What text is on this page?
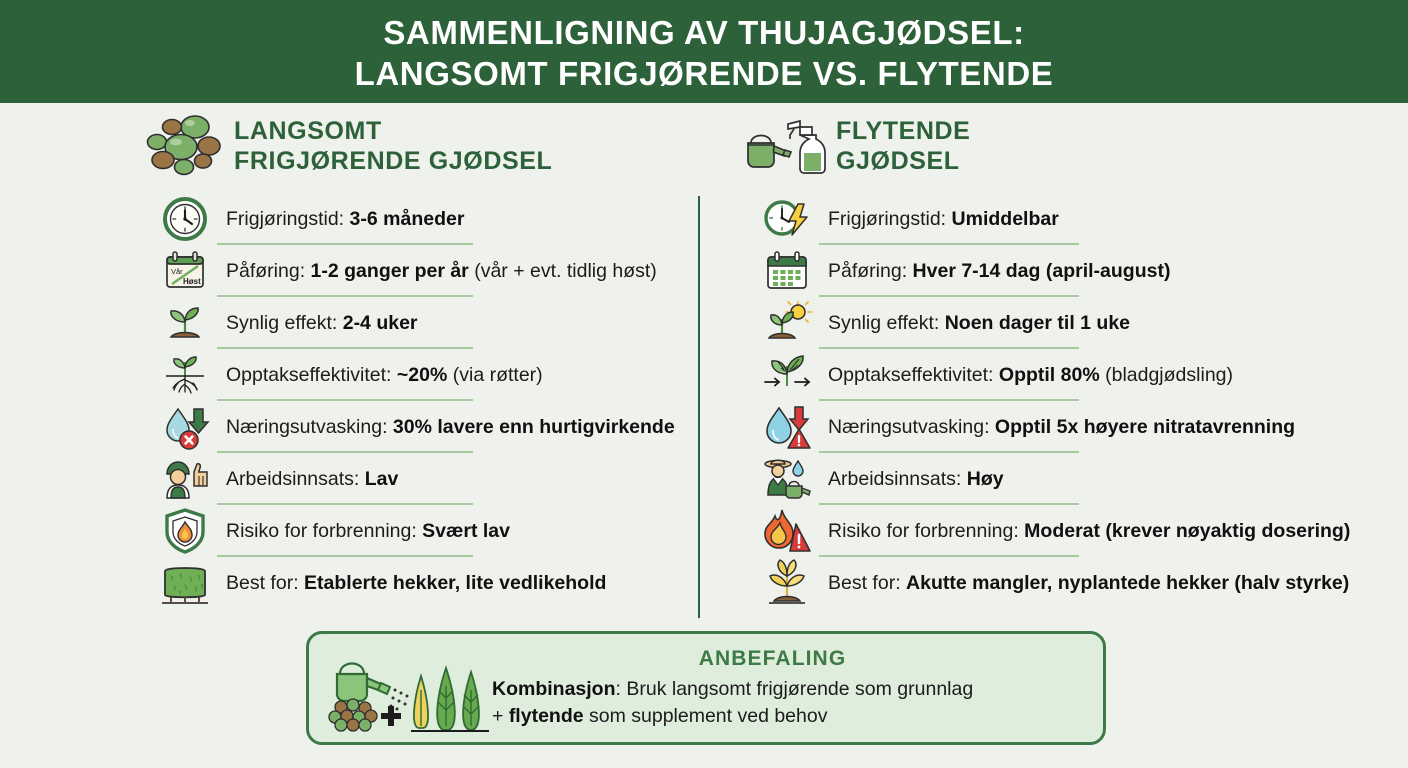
SAMMENLIGNING AV THUJAGJØDSEL:
LANGSOMT FRIGJØRENDE VS. FLYTENDE
LANGSOMT
FRIGJØRENDE GJØDSEL
Frigjøringstid: 3-6 måneder
Vår
Høst Påføring: 1-2 ganger per år (vår + evt. tidlig høst)
Synlig effekt: 2-4 uker
Opptakseffektivitet: ~20% (via røtter)
Næringsutvasking: 30% lavere enn hurtigvirkende
Arbeidsinnsats: Lav
Risiko for forbrenning: Svært lav
Best for: Etablerte hekker, lite vedlikehold
FLYTENDE
GJØDSEL
Frigjøringstid: Umiddelbar
Påføring: Hver 7-14 dag (april-august)
Synlig effekt: Noen dager til 1 uke
Opptakseffektivitet: Opptil 80% (bladgjødsling)
Næringsutvasking: Opptil 5x høyere nitratavrenning
Arbeidsinnsats: Høy
Risiko for forbrenning: Moderat (krever nøyaktig dosering)
Best for: Akutte mangler, nyplantede hekker (halv styrke)
ANBEFALING
Kombinasjon: Bruk langsomt frigjørende som grunnlag
+ flytende som supplement ved behov
